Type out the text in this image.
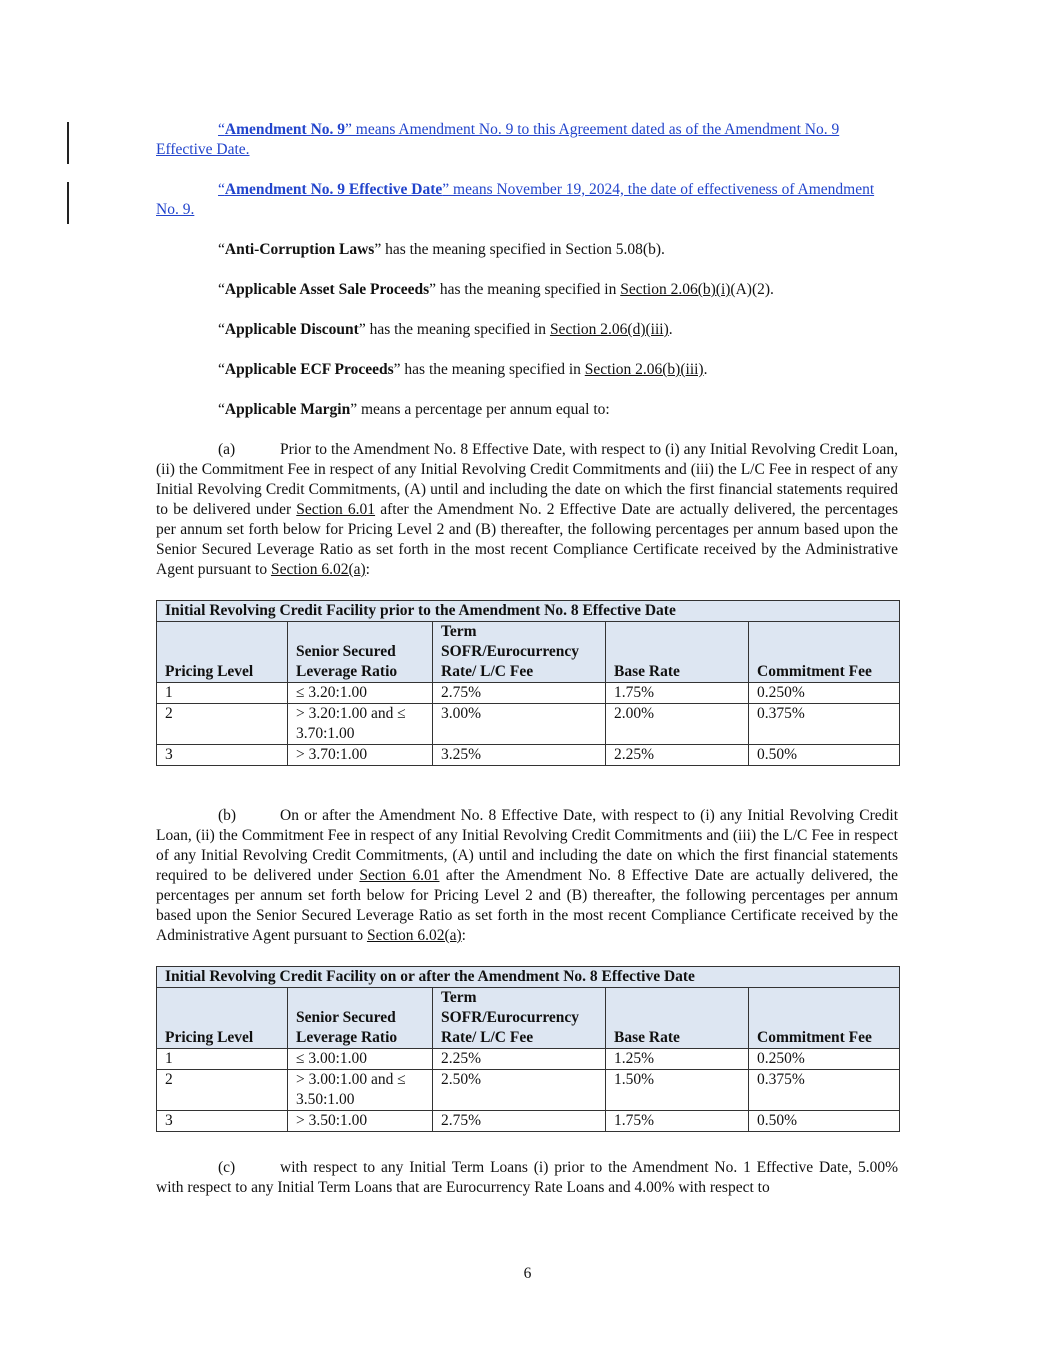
“Amendment No. 9” means Amendment No. 9 to this Agreement dated as of the Amendment No. 9 Effective Date.

“Amendment No. 9 Effective Date” means November 19, 2024, the date of effectiveness of Amendment No. 9.

“Anti-Corruption Laws” has the meaning specified in Section 5.08(b).

“Applicable Asset Sale Proceeds” has the meaning specified in Section 2.06(b)(i)(A)(2).

“Applicable Discount” has the meaning specified in Section 2.06(d)(iii).

“Applicable ECF Proceeds” has the meaning specified in Section 2.06(b)(iii).

“Applicable Margin” means a percentage per annum equal to:

(a)	Prior to the Amendment No. 8 Effective Date, with respect to (i) any Initial Revolving Credit Loan, (ii) the Commitment Fee in respect of any Initial Revolving Credit Commitments and (iii) the L/C Fee in respect of any Initial Revolving Credit Commitments, (A) until and including the date on which the first financial statements required to be delivered under Section 6.01 after the Amendment No. 2 Effective Date are actually delivered, the percentages per annum set forth below for Pricing Level 2 and (B) thereafter, the following percentages per annum based upon the Senior Secured Leverage Ratio as set forth in the most recent Compliance Certificate received by the Administrative Agent pursuant to Section 6.02(a):

Initial Revolving Credit Facility prior to the Amendment No. 8 Effective Date				
Pricing Level	Senior Secured Leverage Ratio	Term SOFR/Eurocurrency Rate/ L/C Fee	Base Rate	Commitment Fee
1	≤ 3.20:1.00	2.75%	1.75%	0.250%
2	> 3.20:1.00 and ≤ 3.70:1.00	3.00%	2.00%	0.375%
3	> 3.70:1.00	3.25%	2.25%	0.50%

(b)	On or after the Amendment No. 8 Effective Date, with respect to (i) any Initial Revolving Credit Loan, (ii) the Commitment Fee in respect of any Initial Revolving Credit Commitments and (iii) the L/C Fee in respect of any Initial Revolving Credit Commitments, (A) until and including the date on which the first financial statements required to be delivered under Section 6.01 after the Amendment No. 8 Effective Date are actually delivered, the percentages per annum set forth below for Pricing Level 2 and (B) thereafter, the following percentages per annum based upon the Senior Secured Leverage Ratio as set forth in the most recent Compliance Certificate received by the Administrative Agent pursuant to Section 6.02(a):

Initial Revolving Credit Facility on or after the Amendment No. 8 Effective Date				
Pricing Level	Senior Secured Leverage Ratio	Term SOFR/Eurocurrency Rate/ L/C Fee	Base Rate	Commitment Fee
1	≤ 3.00:1.00	2.25%	1.25%	0.250%
2	> 3.00:1.00 and ≤ 3.50:1.00	2.50%	1.50%	0.375%
3	> 3.50:1.00	2.75%	1.75%	0.50%

(c)	with respect to any Initial Term Loans (i) prior to the Amendment No. 1 Effective Date, 5.00% with respect to any Initial Term Loans that are Eurocurrency Rate Loans and 4.00% with respect to

6
